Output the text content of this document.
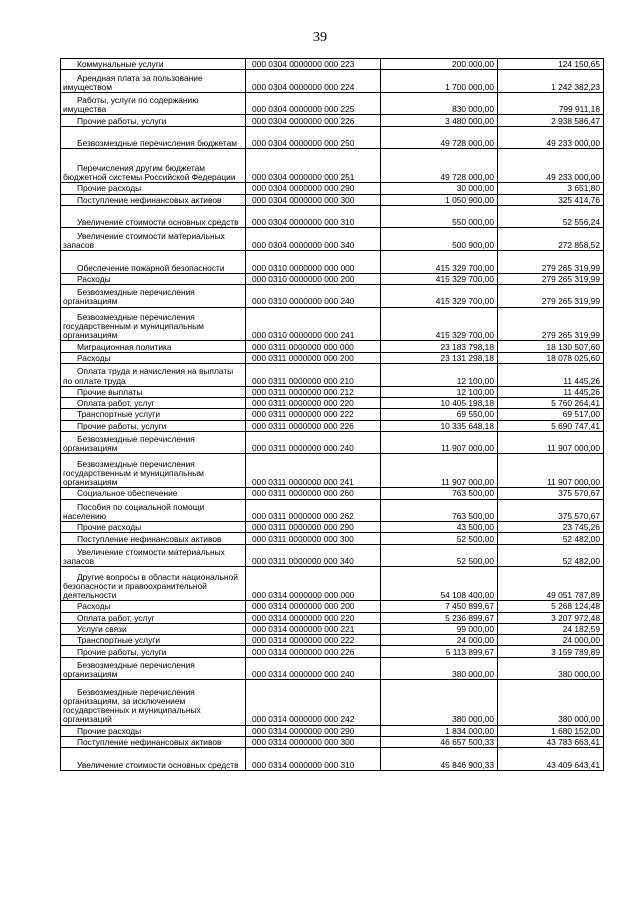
39
Коммунальные услуги	000 0304 0000000 000 223	200 000,00	124 150,65
Арендная плата за пользование имуществом	000 0304 0000000 000 224	1 700 000,00	1 242 382,23
Работы, услуги по содержанию имущества	000 0304 0000000 000 225	830 000,00	799 911,18
Прочие работы, услуги	000 0304 0000000 000 226	3 480 000,00	2 938 586,47
Безвозмездные перечисления бюджетам	000 0304 0000000 000 250	49 728 000,00	49 233 000,00
Перечисления другим бюджетам бюджетной системы Российской Федерации	000 0304 0000000 000 251	49 728 000,00	49 233 000,00
Прочие расходы	000 0304 0000000 000 290	30 000,00	3 651,80
Поступление нефинансовых активов	000 0304 0000000 000 300	1 050 900,00	325 414,76
Увеличение стоимости основных средств	000 0304 0000000 000 310	550 000,00	52 556,24
Увеличение стоимости материальных запасов	000 0304 0000000 000 340	500 900,00	272 858,52
Обеспечение пожарной безопасности	000 0310 0000000 000 000	415 329 700,00	279 265 319,99
Расходы	000 0310 0000000 000 200	415 329 700,00	279 265 319,99
Безвозмездные перечисления организациям	000 0310 0000000 000 240	415 329 700,00	279 265 319,99
Безвозмездные перечисления государственным и муниципальным организациям	000 0310 0000000 000 241	415 329 700,00	279 265 319,99
Миграционная политика	000 0311 0000000 000 000	23 183 798,18	18 130 507,60
Расходы	000 0311 0000000 000 200	23 131 298,18	18 078 025,60
Оплата труда и начисления на выплаты по оплате труда	000 0311 0000000 000 210	12 100,00	11 445,26
Прочие выплаты	000 0311 0000000 000 212	12 100,00	11 445,26
Оплата работ, услуг	000 0311 0000000 000 220	10 405 198,18	5 760 264,41
Транспортные услуги	000 0311 0000000 000 222	69 550,00	69 517,00
Прочие работы, услуги	000 0311 0000000 000 226	10 335 648,18	5 690 747,41
Безвозмездные перечисления организациям	000 0311 0000000 000 240	11 907 000,00	11 907 000,00
Безвозмездные перечисления государственным и муниципальным организациям	000 0311 0000000 000 241	11 907 000,00	11 907 000,00
Социальное обеспечение	000 0311 0000000 000 260	763 500,00	375 570,67
Пособия по социальной помощи населению	000 0311 0000000 000 262	763 500,00	375 570,67
Прочие расходы	000 0311 0000000 000 290	43 500,00	23 745,26
Поступление нефинансовых активов	000 0311 0000000 000 300	52 500,00	52 482,00
Увеличение стоимости материальных запасов	000 0311 0000000 000 340	52 500,00	52 482,00
Другие вопросы в области национальной безопасности и правоохранительной деятельности	000 0314 0000000 000 000	54 108 400,00	49 051 787,89
Расходы	000 0314 0000000 000 200	7 450 899,67	5 268 124,48
Оплата работ, услуг	000 0314 0000000 000 220	5 236 899,67	3 207 972,48
Услуги связи	000 0314 0000000 000 221	99 000,00	24 182,59
Транспортные услуги	000 0314 0000000 000 222	24 000,00	24 000,00
Прочие работы, услуги	000 0314 0000000 000 226	5 113 899,67	3 159 789,89
Безвозмездные перечисления организациям	000 0314 0000000 000 240	380 000,00	380 000,00
Безвозмездные перечисления организациям, за исключением государственных и муниципальных организаций	000 0314 0000000 000 242	380 000,00	380 000,00
Прочие расходы	000 0314 0000000 000 290	1 834 000,00	1 680 152,00
Поступление нефинансовых активов	000 0314 0000000 000 300	46 657 500,33	43 783 663,41
Увеличение стоимости основных средств	000 0314 0000000 000 310	45 846 900,33	43 409 643,41
